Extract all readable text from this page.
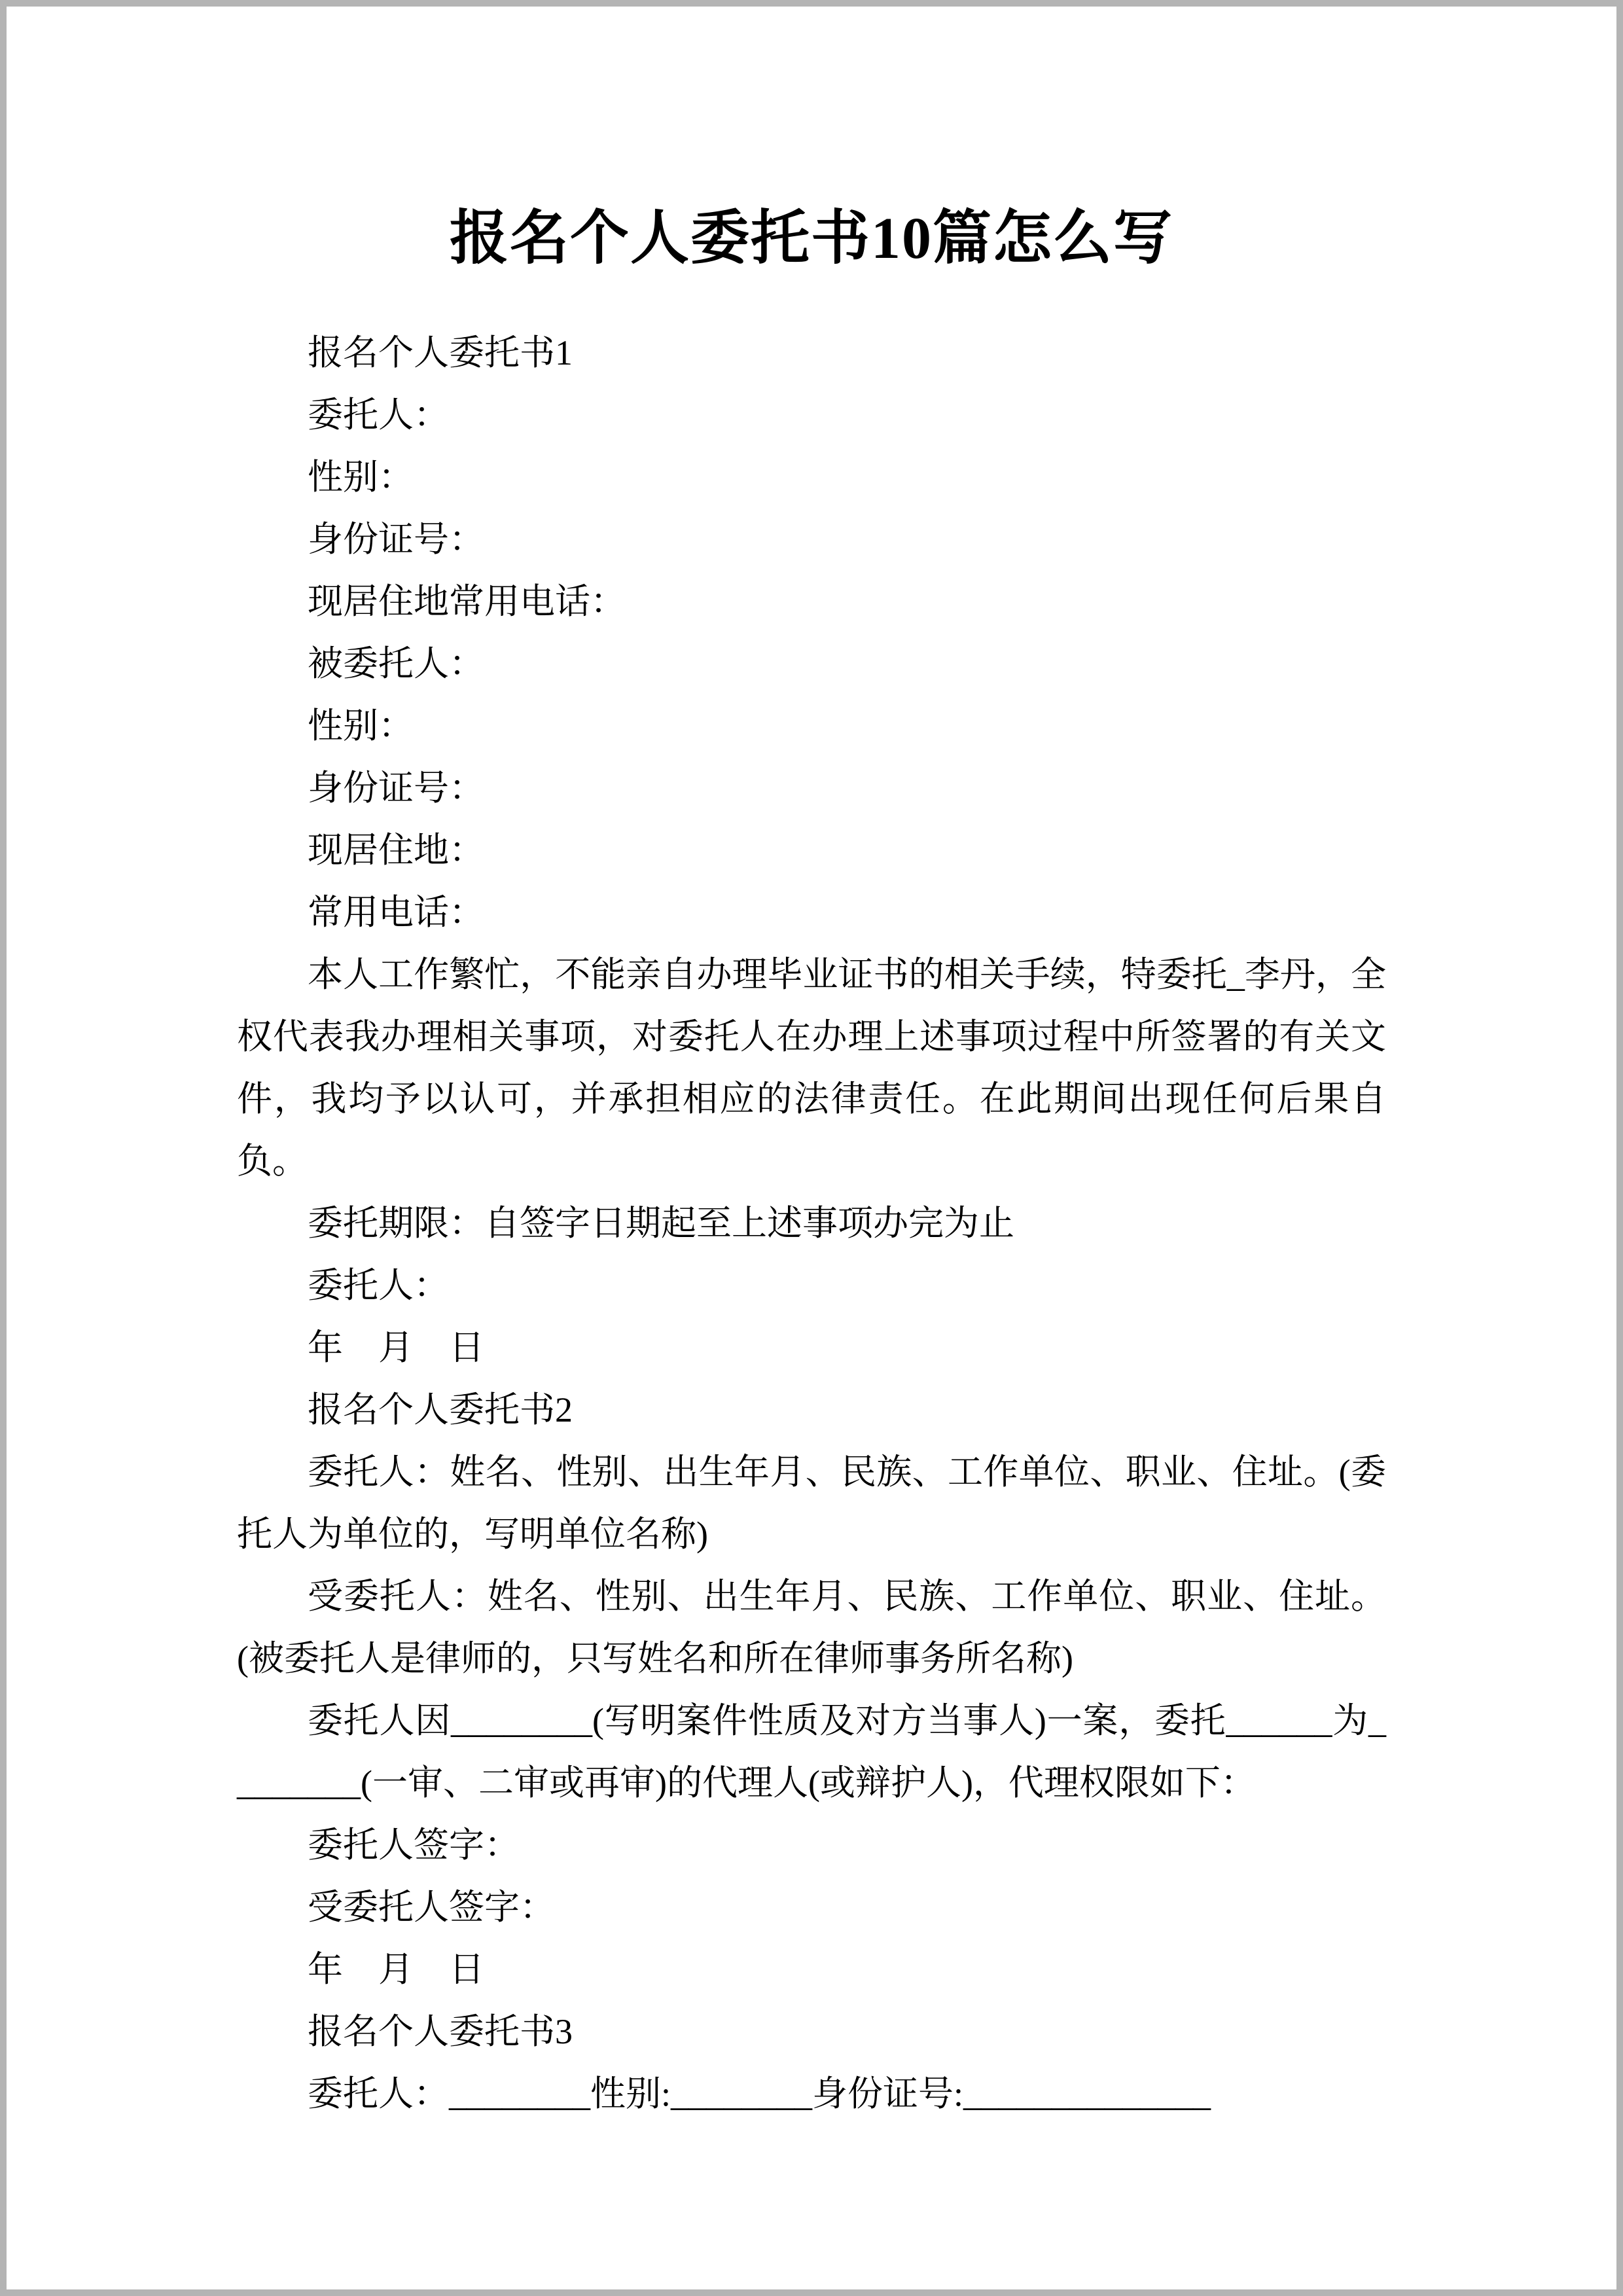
报名个人委托书10篇怎么写

报名个人委托书1

委托人：

性别：

身份证号：

现居住地常用电话：

被委托人：

性别：

身份证号：

现居住地：

常用电话：

本人工作繁忙，不能亲自办理毕业证书的相关手续，特委托_李丹，全权代表我办理相关事项，对委托人在办理上述事项过程中所签署的有关文件，我均予以认可，并承担相应的法律责任。在此期间出现任何后果自负。

委托期限：自签字日期起至上述事项办完为止

委托人：

年　月　日

报名个人委托书2

委托人：姓名、性别、出生年月、民族、工作单位、职业、住址。(委托人为单位的，写明单位名称)

受委托人：姓名、性别、出生年月、民族、工作单位、职业、住址。(被委托人是律师的，只写姓名和所在律师事务所名称)

委托人因________(写明案件性质及对方当事人)一案，委托______为________(一审、二审或再审)的代理人(或辩护人)，代理权限如下：

委托人签字：

受委托人签字：

年　月　日

报名个人委托书3

委托人：________性别:________身份证号:______________
